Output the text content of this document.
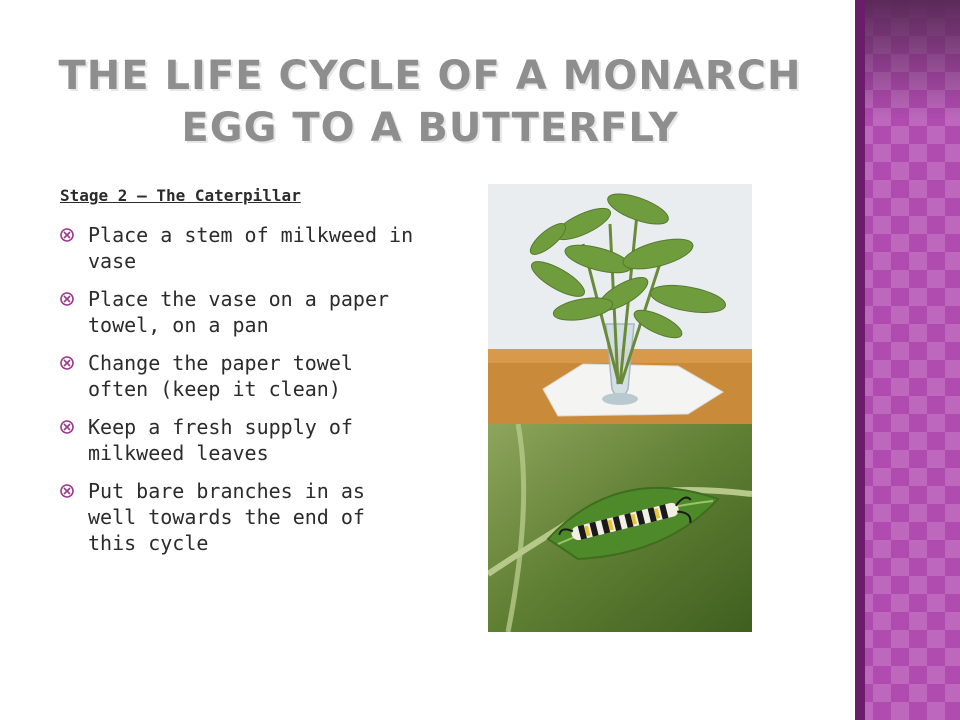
THE LIFE CYCLE OF A MONARCH
EGG TO A BUTTERFLY
Stage 2 – The Caterpillar
Place a stem of milkweed in vase
Place the vase on a paper towel, on a pan
Change the paper towel often (keep it clean)
Keep a fresh supply of milkweed leaves
Put bare branches in as well towards the end of this cycle
